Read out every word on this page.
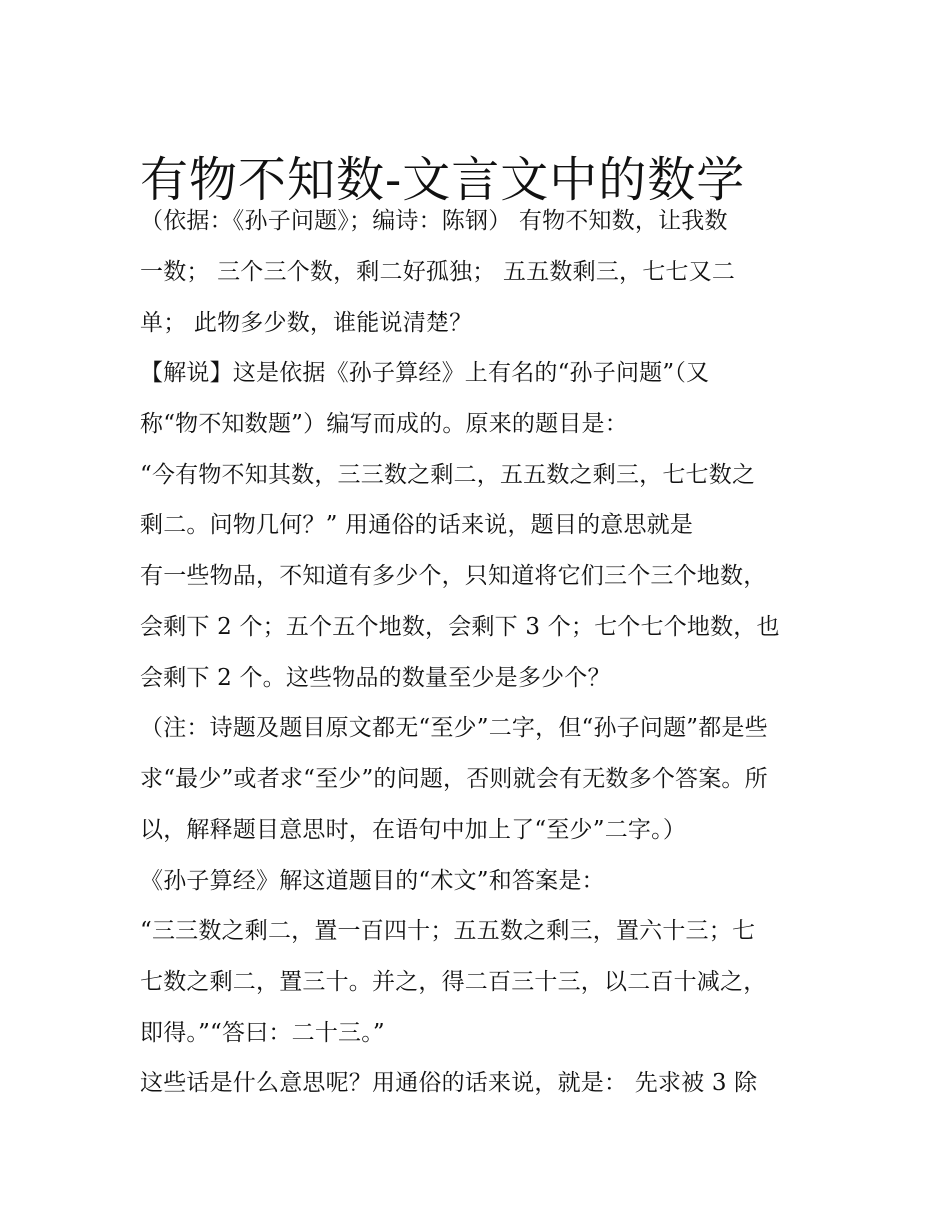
有物不知数-文言文中的数学
（依据：《孙子问题》；编诗：陈钢） 有物不知数，让我数
一数； 三个三个数，剩二好孤独； 五五数剩三，七七又二
单； 此物多少数，谁能说清楚？
【解说】这是依据《孙子算经》上有名的“孙子问题”（又
称“物不知数题”）编写而成的。原来的题目是：
“今有物不知其数，三三数之剩二，五五数之剩三，七七数之
剩二。问物几何？” 用通俗的话来说，题目的意思就是
有一些物品，不知道有多少个，只知道将它们三个三个地数，
会剩下 2 个；五个五个地数，会剩下 3 个；七个七个地数，也
会剩下 2 个。这些物品的数量至少是多少个？
（注：诗题及题目原文都无“至少”二字，但“孙子问题”都是些
求“最少”或者求“至少”的问题，否则就会有无数多个答案。所
以，解释题目意思时，在语句中加上了“至少”二字。）
《孙子算经》解这道题目的“术文”和答案是：
“三三数之剩二，置一百四十；五五数之剩三，置六十三；七
七数之剩二，置三十。并之，得二百三十三，以二百十减之，
即得。”“答曰：二十三。”
这些话是什么意思呢？用通俗的话来说，就是： 先求被 3 除
